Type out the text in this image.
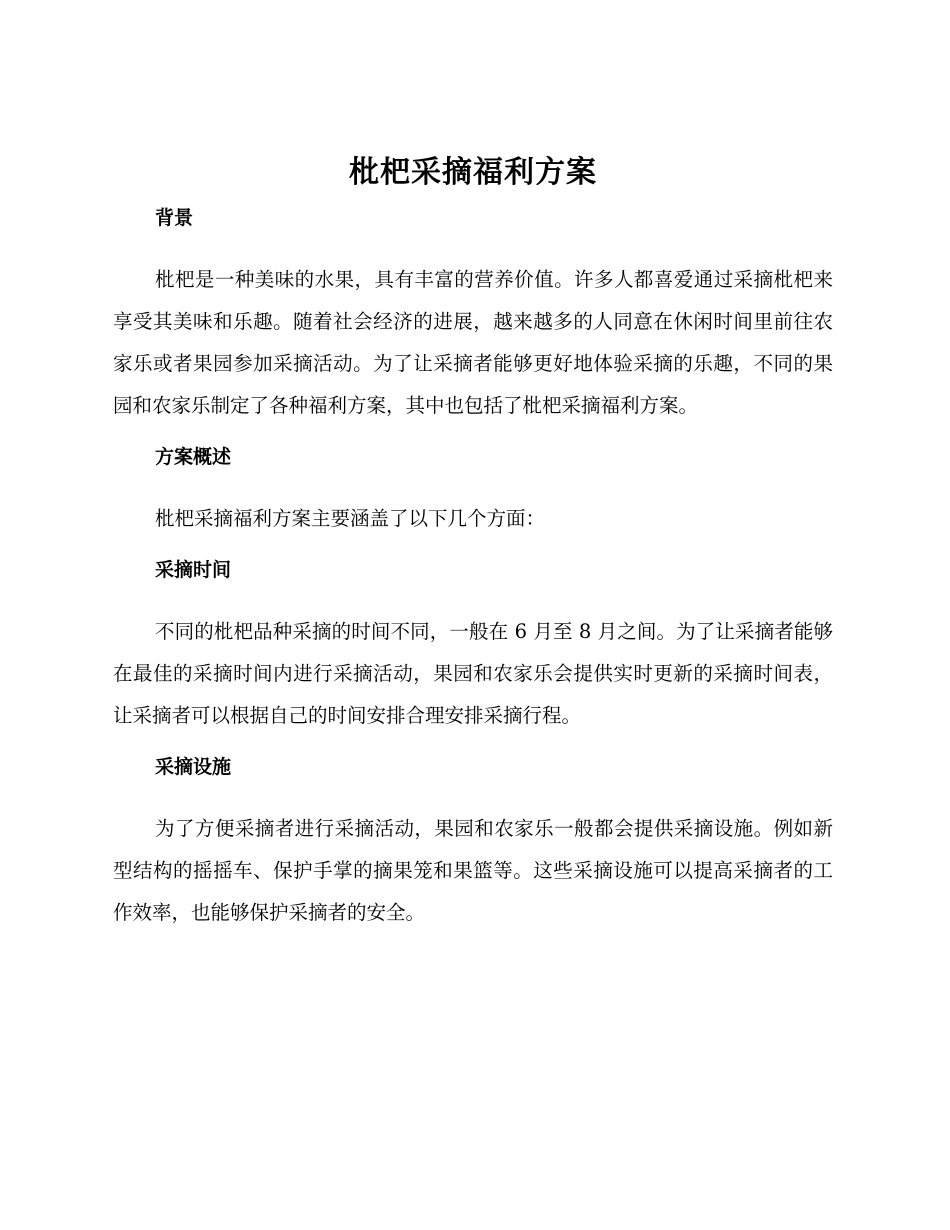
枇杷采摘福利方案
背景

枇杷是一种美味的水果，具有丰富的营养价值。许多人都喜爱通过采摘枇杷来享受其美味和乐趣。随着社会经济的进展，越来越多的人同意在休闲时间里前往农家乐或者果园参加采摘活动。为了让采摘者能够更好地体验采摘的乐趣，不同的果园和农家乐制定了各种福利方案，其中也包括了枇杷采摘福利方案。

方案概述

枇杷采摘福利方案主要涵盖了以下几个方面：

采摘时间

不同的枇杷品种采摘的时间不同，一般在 6 月至 8 月之间。为了让采摘者能够在最佳的采摘时间内进行采摘活动，果园和农家乐会提供实时更新的采摘时间表，让采摘者可以根据自己的时间安排合理安排采摘行程。

采摘设施

为了方便采摘者进行采摘活动，果园和农家乐一般都会提供采摘设施。例如新型结构的摇摇车、保护手掌的摘果笼和果篮等。这些采摘设施可以提高采摘者的工作效率，也能够保护采摘者的安全。
